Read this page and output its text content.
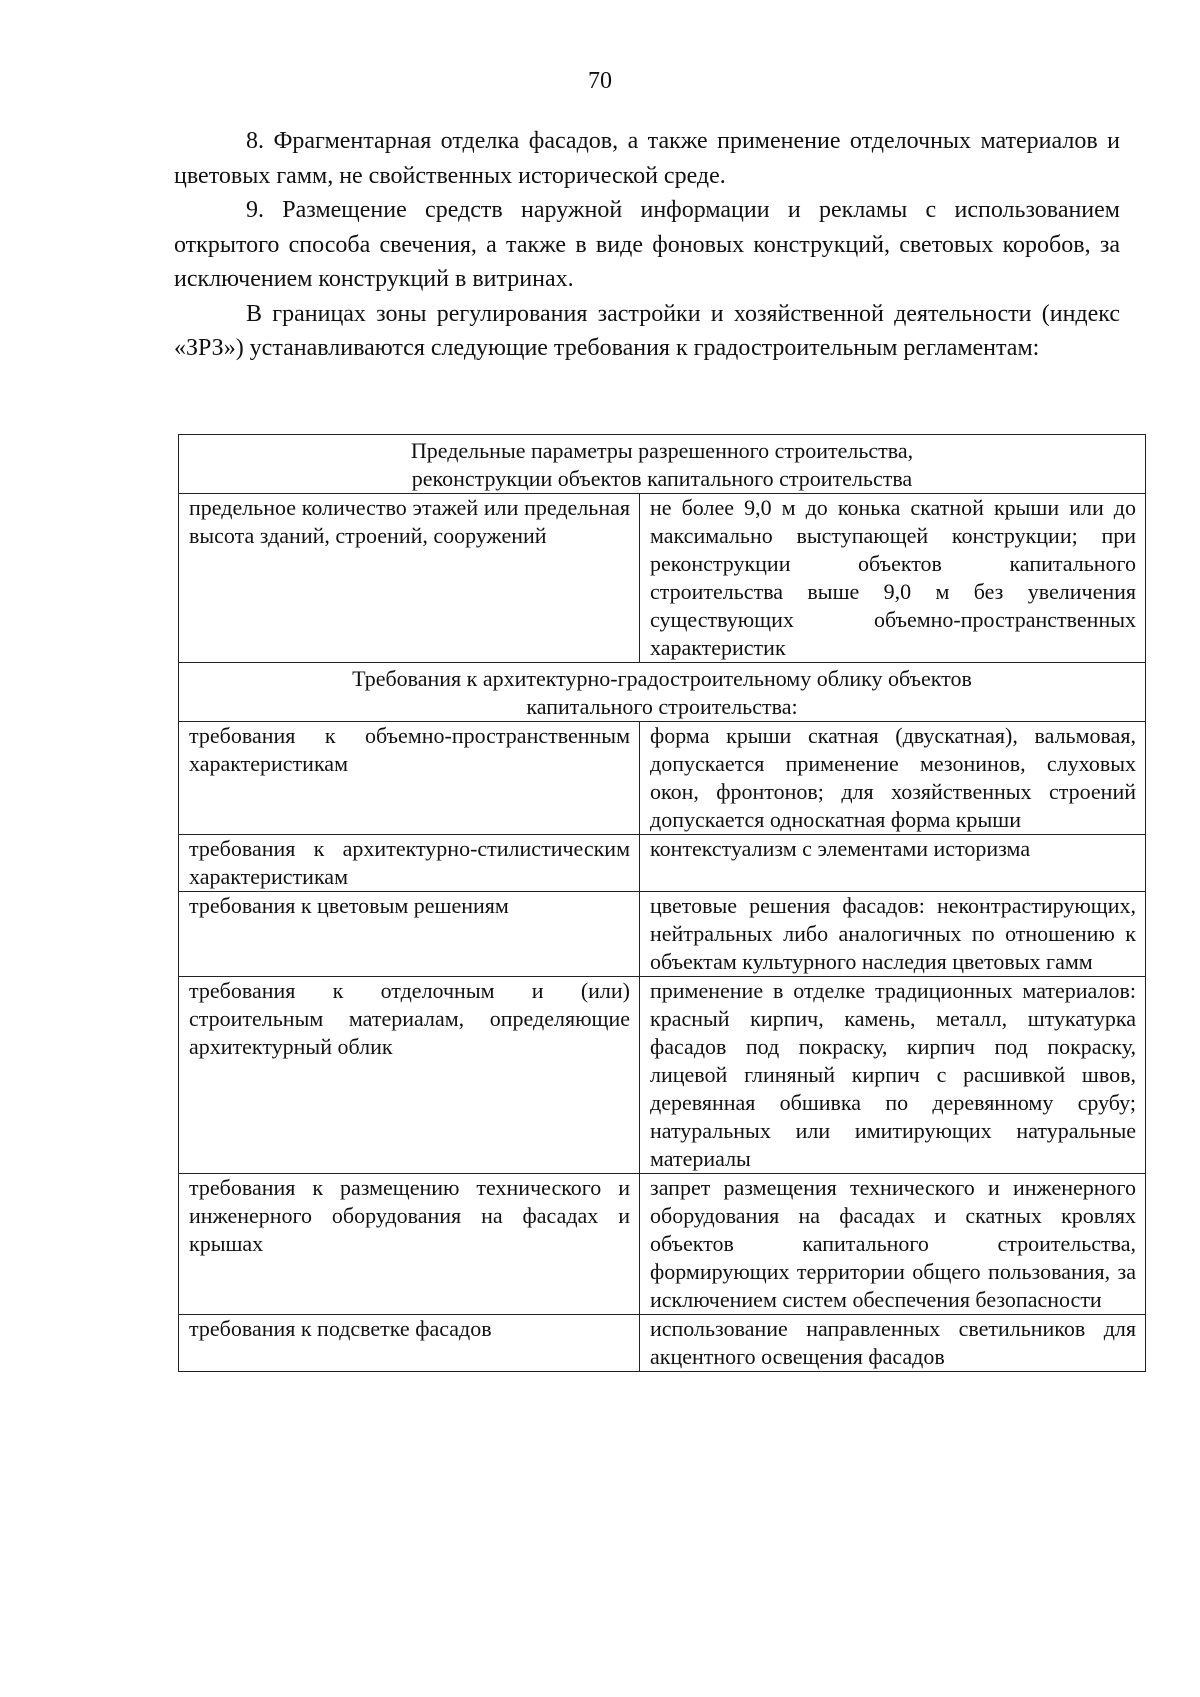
70

8. Фрагментарная отделка фасадов, а также применение отделочных материалов и цветовых гамм, не свойственных исторической среде.

9. Размещение средств наружной информации и рекламы с использованием открытого способа свечения, а также в виде фоновых конструкций, световых коробов, за исключением конструкций в витринах.

В границах зоны регулирования застройки и хозяйственной деятельности (индекс «ЗРЗ») устанавливаются следующие требования к градостроительным регламентам:

Предельные параметры разрешенного строительства,
реконструкции объектов капитального строительства	

предельное количество этажей или предельная высота зданий, строений, сооружений	не более 9,0 м до конька скатной крыши или до максимально выступающей конструкции; при реконструкции объектов капитального строительства выше 9,0 м без увеличения существующих объемно-пространственных характеристик

Требования к архитектурно-градостроительному облику объектов
капитального строительства:	

требования к объемно-пространственным характеристикам	форма крыши скатная (двускатная), вальмовая, допускается применение мезонинов, слуховых окон, фронтонов; для хозяйственных строений допускается односкатная форма крыши
требования к архитектурно-стилистическим характеристикам	контекстуализм с элементами историзма
требования к цветовым решениям	цветовые решения фасадов: неконтрастирующих, нейтральных либо аналогичных по отношению к объектам культурного наследия цветовых гамм
требования к отделочным и (или) строительным материалам, определяющие архитектурный облик	применение в отделке традиционных материалов: красный кирпич, камень, металл, штукатурка фасадов под покраску, кирпич под покраску, лицевой глиняный кирпич с расшивкой швов, деревянная обшивка по деревянному срубу; натуральных или имитирующих натуральные материалы
требования к размещению технического и инженерного оборудования на фасадах и крышах	запрет размещения технического и инженерного оборудования на фасадах и скатных кровлях объектов капитального строительства, формирующих территории общего пользования, за исключением систем обеспечения безопасности
требования к подсветке фасадов	использование направленных светильников для акцентного освещения фасадов
